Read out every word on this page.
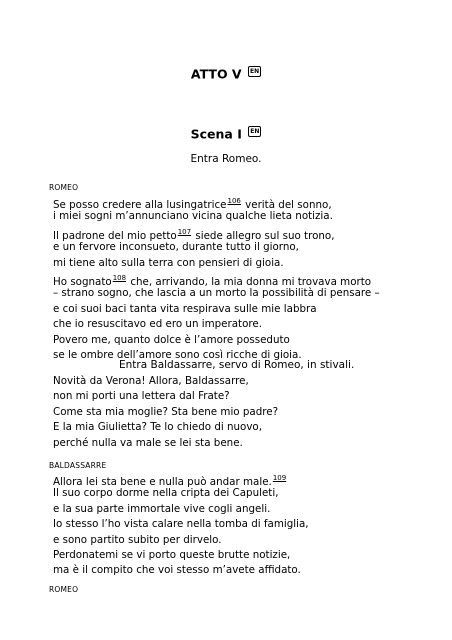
ATTO V EN
Scena I EN
Entra Romeo.
ROMEO
Se posso credere alla lusingatrice$^{106}$ verità del sonno,
i miei sogni m’annunciano vicina qualche lieta notizia.
Il padrone del mio petto$^{107}$ siede allegro sul suo trono,
e un fervore inconsueto, durante tutto il giorno,
mi tiene alto sulla terra con pensieri di gioia.
Ho sognato$^{108}$ che, arrivando, la mia donna mi trovava morto
– strano sogno, che lascia a un morto la possibilità di pensare –
e coi suoi baci tanta vita respirava sulle mie labbra
che io resuscitavo ed ero un imperatore.
Povero me, quanto dolce è l’amore posseduto
se le ombre dell’amore sono così ricche di gioia.
Entra Baldassarre, servo di Romeo, in stivali.
Novità da Verona! Allora, Baldassarre,
non mi porti una lettera dal Frate?
Come sta mia moglie? Sta bene mio padre?
E la mia Giulietta? Te lo chiedo di nuovo,
perché nulla va male se lei sta bene.
BALDASSARRE
Allora lei sta bene e nulla può andar male.$^{109}$
Il suo corpo dorme nella cripta dei Capuleti,
e la sua parte immortale vive cogli angeli.
Io stesso l’ho vista calare nella tomba di famiglia,
e sono partito subito per dirvelo.
Perdonatemi se vi porto queste brutte notizie,
ma è il compito che voi stesso m’avete affidato.
ROMEO
